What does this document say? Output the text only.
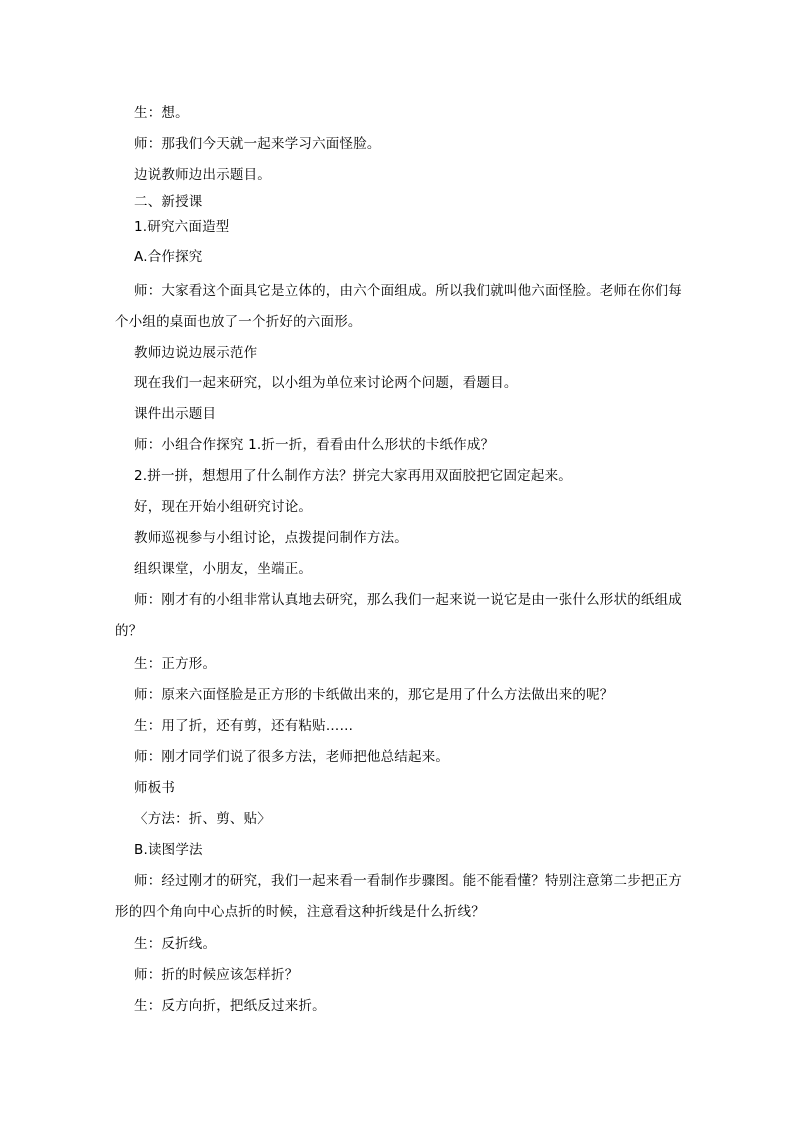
生：想。
师：那我们今天就一起来学习六面怪脸。
边说教师边出示题目。
二、新授课
1.研究六面造型
A.合作探究
师：大家看这个面具它是立体的，由六个面组成。所以我们就叫他六面怪脸。老师在你们每
个小组的桌面也放了一个折好的六面形。
教师边说边展示范作
现在我们一起来研究，以小组为单位来讨论两个问题，看题目。
课件出示题目
师：小组合作探究 1.折一折，看看由什么形状的卡纸作成？
2.拼一拼，想想用了什么制作方法？拼完大家再用双面胶把它固定起来。
好，现在开始小组研究讨论。
教师巡视参与小组讨论，点拨提问制作方法。
组织课堂，小朋友，坐端正。
师：刚才有的小组非常认真地去研究，那么我们一起来说一说它是由一张什么形状的纸组成
的？
生：正方形。
师：原来六面怪脸是正方形的卡纸做出来的，那它是用了什么方法做出来的呢？
生：用了折，还有剪，还有粘贴……
师：刚才同学们说了很多方法，老师把他总结起来。
师板书
〈方法：折、剪、贴〉
B.读图学法
师：经过刚才的研究，我们一起来看一看制作步骤图。能不能看懂？特别注意第二步把正方
形的四个角向中心点折的时候，注意看这种折线是什么折线？
生：反折线。
师：折的时候应该怎样折？
生：反方向折，把纸反过来折。
